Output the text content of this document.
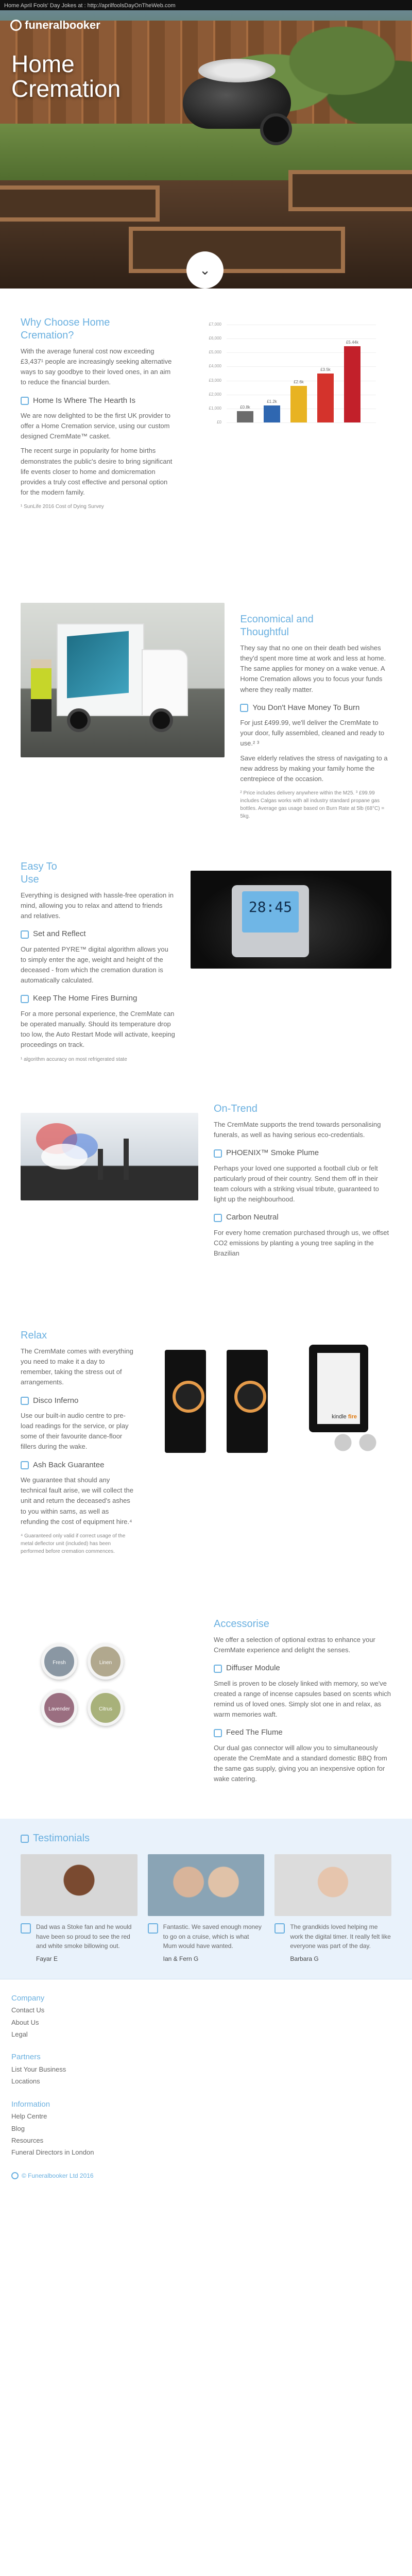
Home April Fools' Day Jokes at : http://aprilfoolsDayOnTheWeb.com
funeralbooker
Home
Cremation
⌄
Why Choose Home
Cremation?

With the average funeral cost now exceeding £3,437¹ people are increasingly seeking alternative ways to say goodbye to their loved ones, in an aim to reduce the financial burden.

Home Is Where The Hearth Is

We are now delighted to be the first UK provider to offer a Home Cremation service, using our custom designed CremMate™ casket.

The recent surge in popularity for home births demonstrates the public's desire to bring significant life events closer to home and domicremation provides a truly cost effective and personal option for the modern family.

¹ SunLife 2016 Cost of Dying Survey
£0
£1,000
£2,000
£3,000
£4,000
£5,000
£6,000
£7,000
£0.8k
£1.2k
£2.6k
£3.5k
£5.44k
Economical and
Thoughtful

They say that no one on their death bed wishes they'd spent more time at work and less at home. The same applies for money on a wake venue. A Home Cremation allows you to focus your funds where they really matter.

You Don't Have Money To Burn

For just £499.99, we'll deliver the CremMate to your door, fully assembled, cleaned and ready to use.² ³

Save elderly relatives the stress of navigating to a new address by making your family home the centrepiece of the occasion.

² Price includes delivery anywhere within the M25. ³ £99.99 includes Calgas works with all industry standard propane gas bottles. Average gas usage based on Burn Rate at 5lb (68°C) = 5kg.
Easy To
Use

Everything is designed with hassle-free operation in mind, allowing you to relax and attend to friends and relatives.

Set and Reflect

Our patented PYRE™ digital algorithm allows you to simply enter the age, weight and height of the deceased - from which the cremation duration is automatically calculated.

Keep The Home Fires Burning

For a more personal experience, the CremMate can be operated manually. Should its temperature drop too low, the Auto Restart Mode will activate, keeping proceedings on track.

¹ algorithm accuracy on most refrigerated state
28:45
On-Trend

The CremMate supports the trend towards personalising funerals, as well as having serious eco-credentials.

PHOENIX™ Smoke Plume

Perhaps your loved one supported a football club or felt particularly proud of their country. Send them off in their team colours with a striking visual tribute, guaranteed to light up the neighbourhood.

Carbon Neutral

For every home cremation purchased through us, we offset CO2 emissions by planting a young tree sapling in the Brazilian

Relax

The CremMate comes with everything you need to make it a day to remember, taking the stress out of arrangements.

Disco Inferno

Use our built-in audio centre to pre-load readings for the service, or play some of their favourite dance-floor fillers during the wake.

Ash Back Guarantee

We guarantee that should any technical fault arise, we will collect the unit and return the deceased's ashes to you within sams, as well as refunding the cost of equipment hire.⁴

⁴ Guaranteed only valid if correct usage of the metal deflector unit (included) has been performed before cremation commences.
kindle fire
Fresh	Linen
Lavender	Citrus
Accessorise

We offer a selection of optional extras to enhance your CremMate experience and delight the senses.

Diffuser Module

Smell is proven to be closely linked with memory, so we've created a range of incense capsules based on scents which remind us of loved ones. Simply slot one in and relax, as warm memories waft.

Feed The Flume

Our dual gas connector will allow you to simultaneously operate the CremMate and a standard domestic BBQ from the same gas supply, giving you an inexpensive option for wake catering.

Testimonials

Dad was a Stoke fan and he would have been so proud to see the red and white smoke billowing out.

Fayar E

Fantastic. We saved enough money to go on a cruise, which is what Mum would have wanted.

Ian & Fern G

The grandkids loved helping me work the digital timer. It really felt like everyone was part of the day.

Barbara G
Company
Contact Us
About Us
Legal
Partners
List Your Business
Locations
Information
Help Centre
Blog
Resources
Funeral Directors in London
© Funeralbooker Ltd 2016
